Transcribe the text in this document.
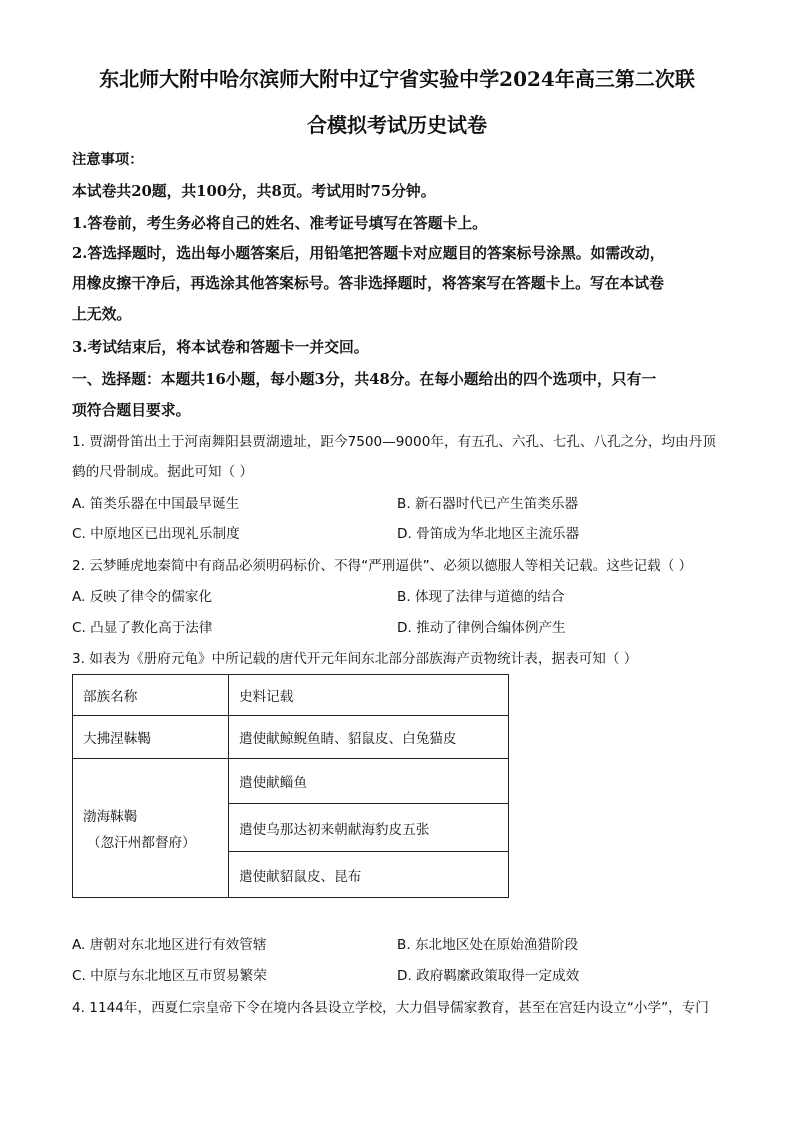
东北师大附中哈尔滨师大附中辽宁省实验中学2024年高三第二次联
合模拟考试历史试卷
注意事项：
本试卷共20题，共100分，共8页。考试用时75分钟。
1.答卷前，考生务必将自己的姓名、准考证号填写在答题卡上。
2.答选择题时，选出每小题答案后，用铅笔把答题卡对应题目的答案标号涂黑。如需改动，
用橡皮擦干净后，再选涂其他答案标号。答非选择题时，将答案写在答题卡上。写在本试卷
上无效。
3.考试结束后，将本试卷和答题卡一并交回。
一、选择题：本题共16小题，每小题3分，共48分。在每小题给出的四个选项中，只有一
项符合题目要求。
1. 贾湖骨笛出土于河南舞阳县贾湖遗址，距今7500—9000年，有五孔、六孔、七孔、八孔之分，均由丹顶
鹤的尺骨制成。据此可知（ ）
A. 笛类乐器在中国最早诞生	B. 新石器时代已产生笛类乐器
C. 中原地区已出现礼乐制度	D. 骨笛成为华北地区主流乐器
2. 云梦睡虎地秦简中有商品必须明码标价、不得“严刑逼供”、必须以德服人等相关记载。这些记载（ ）
A. 反映了律令的儒家化	B. 体现了法律与道德的结合
C. 凸显了教化高于法律	D. 推动了律例合编体例产生
3. 如表为《册府元龟》中所记载的唐代开元年间东北部分部族海产贡物统计表，据表可知（ ）
部族名称	史料记载
大拂涅靺鞨	遣使献鲸鲵鱼睛、貂鼠皮、白兔猫皮
渤海靺鞨
（忽汗州都督府）	遣使献鲻鱼
	遣使乌那达初来朝献海豹皮五张
	遣使献貂鼠皮、昆布
A. 唐朝对东北地区进行有效管辖	B. 东北地区处在原始渔猎阶段
C. 中原与东北地区互市贸易繁荣	D. 政府羁縻政策取得一定成效
4. 1144年，西夏仁宗皇帝下令在境内各县设立学校，大力倡导儒家教育，甚至在宫廷内设立“小学”，专门
